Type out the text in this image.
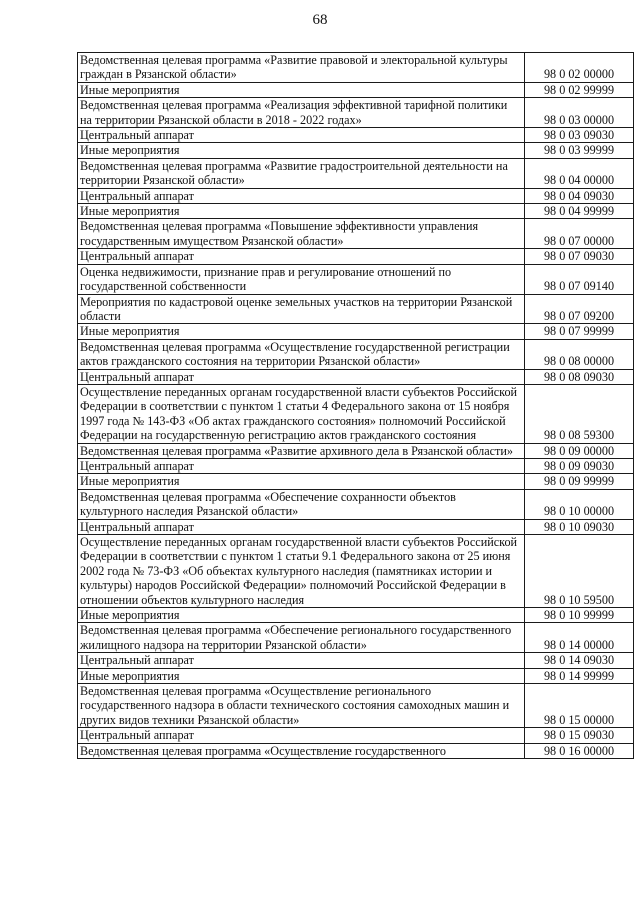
68
Ведомственная целевая программа «Развитие правовой и электоральной культуры граждан в Рязанской области»	98 0 02 00000
Иные мероприятия	98 0 02 99999
Ведомственная целевая программа «Реализация эффективной тарифной политики на территории Рязанской области в 2018 - 2022 годах»	98 0 03 00000
Центральный аппарат	98 0 03 09030
Иные мероприятия	98 0 03 99999
Ведомственная целевая программа «Развитие градостроительной деятельности на территории Рязанской области»	98 0 04 00000
Центральный аппарат	98 0 04 09030
Иные мероприятия	98 0 04 99999
Ведомственная целевая программа «Повышение эффективности управления государственным имуществом Рязанской области»	98 0 07 00000
Центральный аппарат	98 0 07 09030
Оценка недвижимости, признание прав и регулирование отношений по государственной собственности	98 0 07 09140
Мероприятия по кадастровой оценке земельных участков на территории Рязанской области	98 0 07 09200
Иные мероприятия	98 0 07 99999
Ведомственная целевая программа «Осуществление государственной регистрации актов гражданского состояния на территории Рязанской области»	98 0 08 00000
Центральный аппарат	98 0 08 09030
Осуществление переданных органам государственной власти субъектов Российской Федерации в соответствии с пунктом 1 статьи 4 Федерального закона от 15 ноября 1997 года № 143-ФЗ «Об актах гражданского состояния» полномочий Российской Федерации на государственную регистрацию актов гражданского состояния	98 0 08 59300
Ведомственная целевая программа «Развитие архивного дела в Рязанской области»	98 0 09 00000
Центральный аппарат	98 0 09 09030
Иные мероприятия	98 0 09 99999
Ведомственная целевая программа «Обеспечение сохранности объектов культурного наследия Рязанской области»	98 0 10 00000
Центральный аппарат	98 0 10 09030
Осуществление переданных органам государственной власти субъектов Российской Федерации в соответствии с пунктом 1 статьи 9.1 Федерального закона от 25 июня 2002 года № 73-ФЗ «Об объектах культурного наследия (памятниках истории и культуры) народов Российской Федерации» полномочий Российской Федерации в отношении объектов культурного наследия	98 0 10 59500
Иные мероприятия	98 0 10 99999
Ведомственная целевая программа «Обеспечение регионального государственного жилищного надзора на территории Рязанской области»	98 0 14 00000
Центральный аппарат	98 0 14 09030
Иные мероприятия	98 0 14 99999
Ведомственная целевая программа «Осуществление регионального государственного надзора в области технического состояния самоходных машин и других видов техники Рязанской области»	98 0 15 00000
Центральный аппарат	98 0 15 09030
Ведомственная целевая программа «Осуществление государственного	98 0 16 00000
